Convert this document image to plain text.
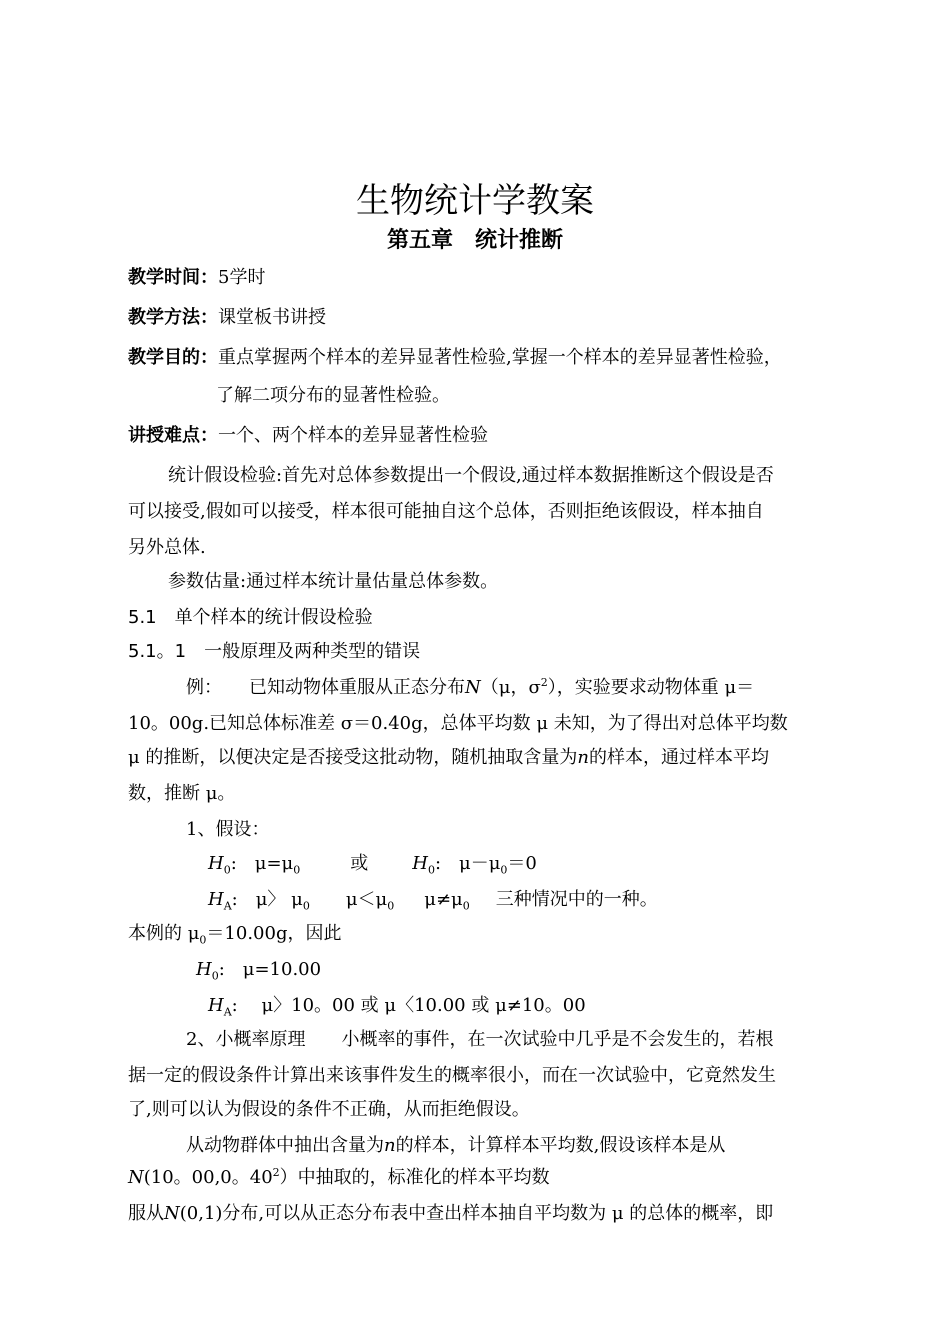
生物统计学教案
第五章　统计推断
教学时间：5学时
教学方法：课堂板书讲授
教学目的：重点掌握两个样本的差异显著性检验,掌握一个样本的差异显著性检验，
了解二项分布的显著性检验。
讲授难点：一个、两个样本的差异显著性检验
统计假设检验:首先对总体参数提出一个假设,通过样本数据推断这个假设是否
可以接受,假如可以接受，样本很可能抽自这个总体，否则拒绝该假设，样本抽自
另外总体.
参数估量:通过样本统计量估量总体参数。
5.1　单个样本的统计假设检验
5.1。1　一般原理及两种类型的错误
例：　　已知动物体重服从正态分布N（μ，$\sigma^2$），实验要求动物体重 μ＝
10。00g.已知总体标准差 σ＝0.40g，总体平均数 μ 未知，为了得出对总体平均数
μ 的推断，以便决定是否接受这批动物，随机抽取含量为n的样本，通过样本平均
数，推断 μ。
1、假设：
$H_0$:　$\mu=\mu_0$	或 $H_0$:　$\mu-\mu_0=0$
$H_A$:　μ〉 $\mu_0$ $\mu<\mu_0$ $\mu\ne\mu_0$ 三种情况中的一种。
本例的 $\mu_0=10.00g$，因此
$H_0$:　μ=10.00
$H_A$:　 μ〉10。00 或 μ〈10.00 或 μ≠10。00
2、小概率原理　　小概率的事件，在一次试验中几乎是不会发生的，若根
据一定的假设条件计算出来该事件发生的概率很小，而在一次试验中，它竟然发生
了,则可以认为假设的条件不正确，从而拒绝假设。
从动物群体中抽出含量为n的样本，计算样本平均数,假设该样本是从
N(10。00,0。$40^2$）中抽取的，标准化的样本平均数
服从N(0,1)分布,可以从正态分布表中查出样本抽自平均数为 μ 的总体的概率，即
